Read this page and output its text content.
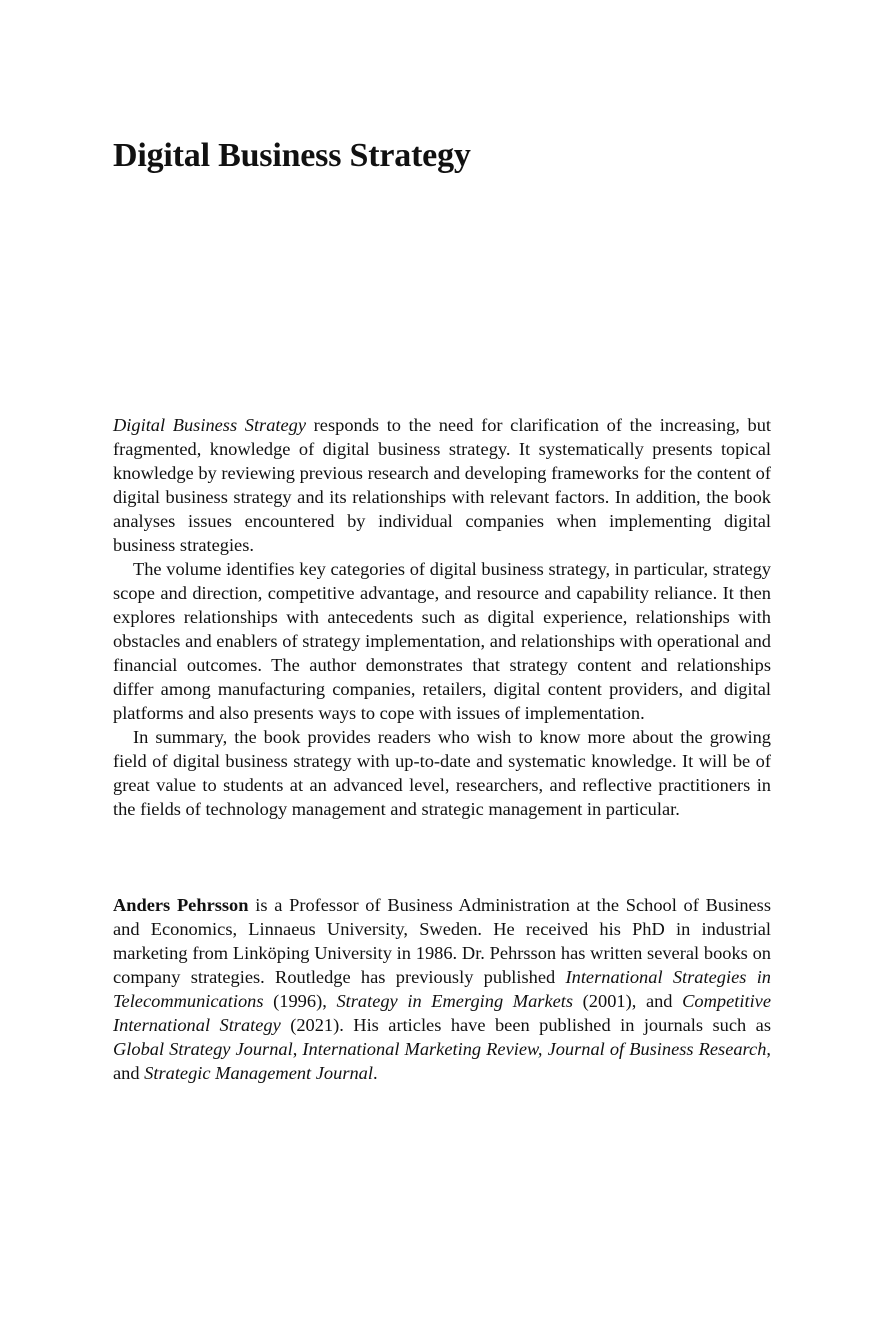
Digital Business Strategy

Digital Business Strategy responds to the need for clarification of the increasing, but fragmented, knowledge of digital business strategy. It systematically presents topical knowledge by reviewing previous research and developing frameworks for the content of digital business strategy and its relationships with relevant factors. In addition, the book analyses issues encountered by individual companies when implementing digital business strategies.

The volume identifies key categories of digital business strategy, in particular, strategy scope and direction, competitive advantage, and resource and capability reliance. It then explores relationships with antecedents such as digital experience, relationships with obstacles and enablers of strategy implementation, and relationships with operational and financial outcomes. The author demonstrates that strategy content and relationships differ among manufacturing companies, retailers, digital content providers, and digital platforms and also presents ways to cope with issues of implementation.

In summary, the book provides readers who wish to know more about the growing field of digital business strategy with up-to-date and systematic knowledge. It will be of great value to students at an advanced level, researchers, and reflective practitioners in the fields of technology management and strategic management in particular.

Anders Pehrsson is a Professor of Business Administration at the School of Business and Economics, Linnaeus University, Sweden. He received his PhD in industrial marketing from Linköping University in 1986. Dr. Pehrsson has written several books on company strategies. Routledge has previously published International Strategies in Telecommunications (1996), Strategy in Emerging Markets (2001), and Competitive International Strategy (2021). His articles have been published in journals such as Global Strategy Journal, International Marketing Review, Journal of Business Research, and Strategic Management Journal.
